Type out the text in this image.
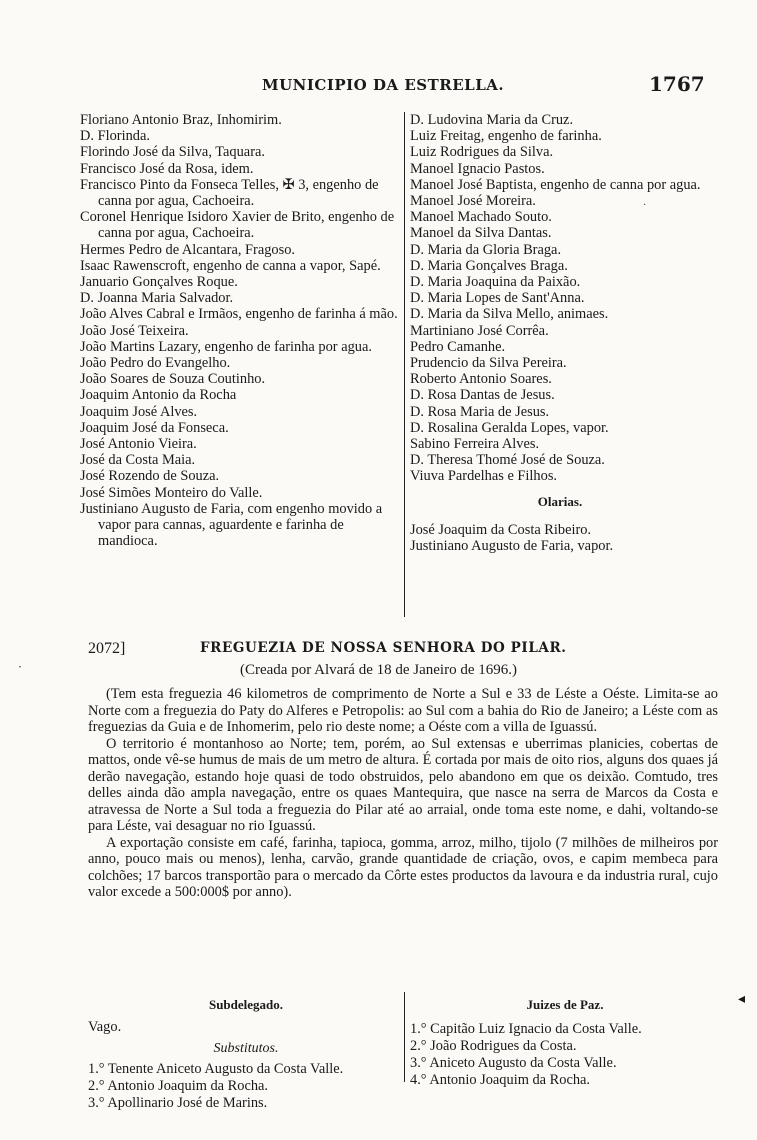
MUNICIPIO DA ESTRELLA.	1767
Floriano Antonio Braz, Inhomirim.
D. Florinda.
Florindo José da Silva, Taquara.
Francisco José da Rosa, idem.
Francisco Pinto da Fonseca Telles, ✠ 3, engenho de canna por agua, Cachoeira.
Coronel Henrique Isidoro Xavier de Brito, engenho de canna por agua, Cachoeira.
Hermes Pedro de Alcantara, Fragoso.
Isaac Rawenscroft, engenho de canna a vapor, Sapé.
Januario Gonçalves Roque.
D. Joanna Maria Salvador.
João Alves Cabral e Irmãos, engenho de farinha á mão.
João José Teixeira.
João Martins Lazary, engenho de farinha por agua.
João Pedro do Evangelho.
João Soares de Souza Coutinho.
Joaquim Antonio da Rocha
Joaquim José Alves.
Joaquim José da Fonseca.
José Antonio Vieira.
José da Costa Maia.
José Rozendo de Souza.
José Simões Monteiro do Valle.
Justiniano Augusto de Faria, com engenho movido a vapor para cannas, aguardente e farinha de mandioca.
D. Ludovina Maria da Cruz.
Luiz Freitag, engenho de farinha.
Luiz Rodrigues da Silva.
Manoel Ignacio Pastos.
Manoel José Baptista, engenho de canna por agua.
Manoel José Moreira.
Manoel Machado Souto.
Manoel da Silva Dantas.
D. Maria da Gloria Braga.
D. Maria Gonçalves Braga.
D. Maria Joaquina da Paixão.
D. Maria Lopes de Sant'Anna.
D. Maria da Silva Mello, animaes.
Martiniano José Corrêa.
Pedro Camanhe.
Prudencio da Silva Pereira.
Roberto Antonio Soares.
D. Rosa Dantas de Jesus.
D. Rosa Maria de Jesus.
D. Rosalina Geralda Lopes, vapor.
Sabino Ferreira Alves.
D. Theresa Thomé José de Souza.
Viuva Pardelhas e Filhos.
Olarias.
José Joaquim da Costa Ribeiro.
Justiniano Augusto de Faria, vapor.
2072]	FREGUEZIA DE NOSSA SENHORA DO PILAR.
(Creada por Alvará de 18 de Janeiro de 1696.)

(Tem esta freguezia 46 kilometros de comprimento de Norte a Sul e 33 de Léste a Oéste. Limita-se ao Norte com a freguezia do Paty do Alferes e Petropolis: ao Sul com a bahia do Rio de Janeiro; a Léste com as freguezias da Guia e de Inhomerim, pelo rio deste nome; a Oéste com a villa de Iguassú.

O territorio é montanhoso ao Norte; tem, porém, ao Sul extensas e uberrimas planicies, cobertas de mattos, onde vê-se humus de mais de um metro de altura. É cortada por mais de oito rios, alguns dos quaes já derão navegação, estando hoje quasi de todo obstruidos, pelo abandono em que os deixão. Comtudo, tres delles ainda dão ampla navegação, entre os quaes Mantequira, que nasce na serra de Marcos da Costa e atravessa de Norte a Sul toda a freguezia do Pilar até ao arraial, onde toma este nome, e dahi, voltando-se para Léste, vai desaguar no rio Iguassú.

A exportação consiste em café, farinha, tapioca, gomma, arroz, milho, tijolo (7 milhões de milheiros por anno, pouco mais ou menos), lenha, carvão, grande quantidade de criação, ovos, e capim membeca para colchões; 17 barcos transportão para o mercado da Côrte estes productos da lavoura e da industria rural, cujo valor excede a 500:000$ por anno).

Subdelegado.
Vago.
Substitutos.
1.° Tenente Aniceto Augusto da Costa Valle.
2.° Antonio Joaquim da Rocha.
3.° Apollinario José de Marins.
Juizes de Paz.
1.° Capitão Luiz Ignacio da Costa Valle.
2.° João Rodrigues da Costa.
3.° Aniceto Augusto da Costa Valle.
4.° Antonio Joaquim da Rocha.
·
·
◂
